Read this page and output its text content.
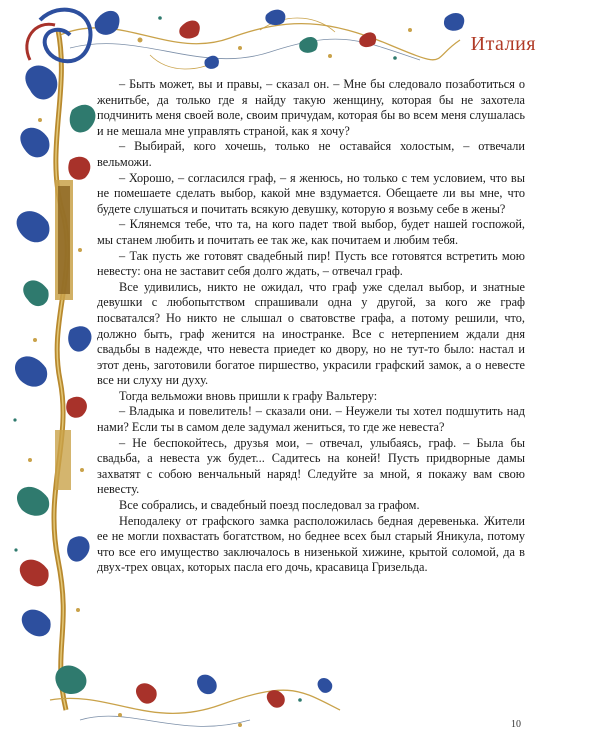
Италия

– Быть может, вы и правы, – сказал он. – Мне бы следовало позаботиться о женитьбе, да только где я найду такую женщину, которая бы не захотела подчинить меня своей воле, своим причудам, которая бы во всем меня слушалась и не мешала мне управлять страной, как я хочу?

– Выбирай, кого хочешь, только не оставайся холостым, – отвечали вельможи.

– Хорошо, – согласился граф, – я женюсь, но только с тем условием, что вы не помешаете сделать выбор, какой мне вздумается. Обещаете ли вы мне, что будете слушаться и почитать всякую девушку, которую я возьму себе в жены?

– Клянемся тебе, что та, на кого падет твой выбор, будет нашей госпожой, мы станем любить и почитать ее так же, как почитаем и любим тебя.

– Так пусть же готовят свадебный пир! Пусть все готовятся встретить мою невесту: она не заставит себя долго ждать, – отвечал граф.

Все удивились, никто не ожидал, что граф уже сделал выбор, и знатные девушки с любопытством спрашивали одна у другой, за кого же граф посватался? Но никто не слышал о сватовстве графа, а потому решили, что, должно быть, граф женится на иностранке. Все с нетерпением ждали дня свадьбы в надежде, что невеста приедет ко двору, но не тут-то было: настал и этот день, заготовили богатое пиршество, украсили графский замок, а о невесте все ни слуху ни духу.

Тогда вельможи вновь пришли к графу Вальтеру:

– Владыка и повелитель! – сказали они. – Неужели ты хотел подшутить над нами? Если ты в самом деле задумал жениться, то где же невеста?

– Не беспокойтесь, друзья мои, – отвечал, улыбаясь, граф. – Была бы свадьба, а невеста уж будет... Садитесь на коней! Пусть придворные дамы захватят с собою венчальный наряд! Следуйте за мной, я покажу вам свою невесту.

Все собрались, и свадебный поезд последовал за графом.

Неподалеку от графского замка расположилась бедная деревенька. Жители ее не могли похвастать богатством, но беднее всех был старый Яникула, потому что все его имущество заключалось в низенькой хижине, крытой соломой, да в двух-трех овцах, которых пасла его дочь, красавица Гризельда.

10
